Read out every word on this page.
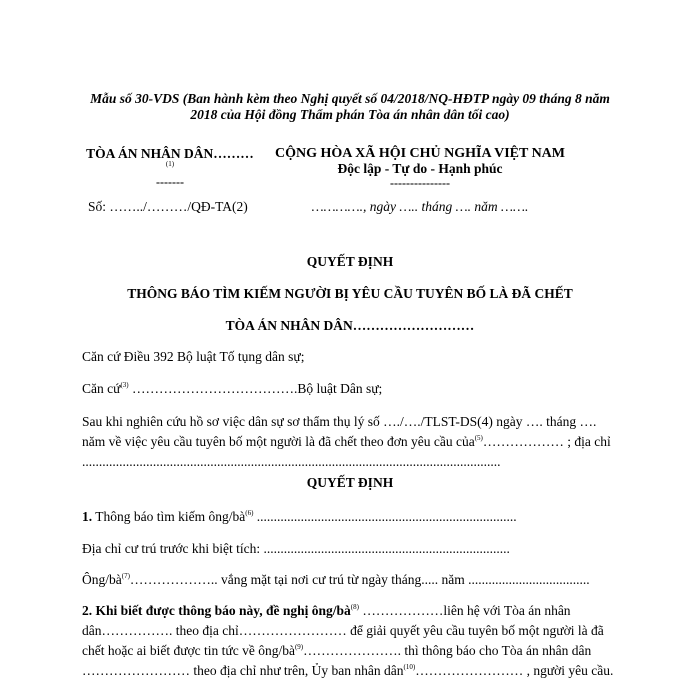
Mẫu số 30-VDS (Ban hành kèm theo Nghị quyết số 04/2018/NQ-HĐTP ngày 09 tháng 8 năm
2018 của Hội đồng Thẩm phán Tòa án nhân dân tối cao)
TÒA ÁN NHÂN DÂN………
(1)
-------
Số: ……../………/QĐ-TA(2)
CỘNG HÒA XÃ HỘI CHỦ NGHĨA VIỆT NAM
Độc lập - Tự do - Hạnh phúc
---------------
…………., ngày ….. tháng …. năm …….
QUYẾT ĐỊNH
THÔNG BÁO TÌM KIẾM NGƯỜI BỊ YÊU CẦU TUYÊN BỐ LÀ ĐÃ CHẾT
TÒA ÁN NHÂN DÂN………………………
Căn cứ Điều 392 Bộ luật Tố tụng dân sự;
Căn cứ$^{(3)}$ ……………………………….Bộ luật Dân sự;
Sau khi nghiên cứu hồ sơ việc dân sự sơ thẩm thụ lý số …./…./TLST-DS(4) ngày …. tháng …. năm về việc yêu cầu tuyên bố một người là đã chết theo đơn yêu cầu của$^{(5)}$……………… ; địa chỉ ............................................................................................................................
QUYẾT ĐỊNH
1. Thông báo tìm kiếm ông/$bà^{(6)}$ .............................................................................
Địa chỉ cư trú trước khi biệt tích: .........................................................................
Ông/$bà^{(7)}\dots\dots\dots\dots\dots\dots$.. vắng mặt tại nơi cư trú từ ngày tháng..... năm ....................................
2. Khi biết được thông báo này, đề nghị ông/$bà^{(8)}$ ………………liên hệ với Tòa án nhân dân……………. theo địa chỉ…………………… để giải quyết yêu cầu tuyên bố một người là đã chết hoặc ai biết được tin tức về ông/$bà^{(9)}\dots\dots\dots\dots\dots\dots\dots$. thì thông báo cho Tòa án nhân dân …………………… theo địa chỉ như trên, Ủy ban nhân dân$^{(10)}$…………………… , người yêu cầu.
